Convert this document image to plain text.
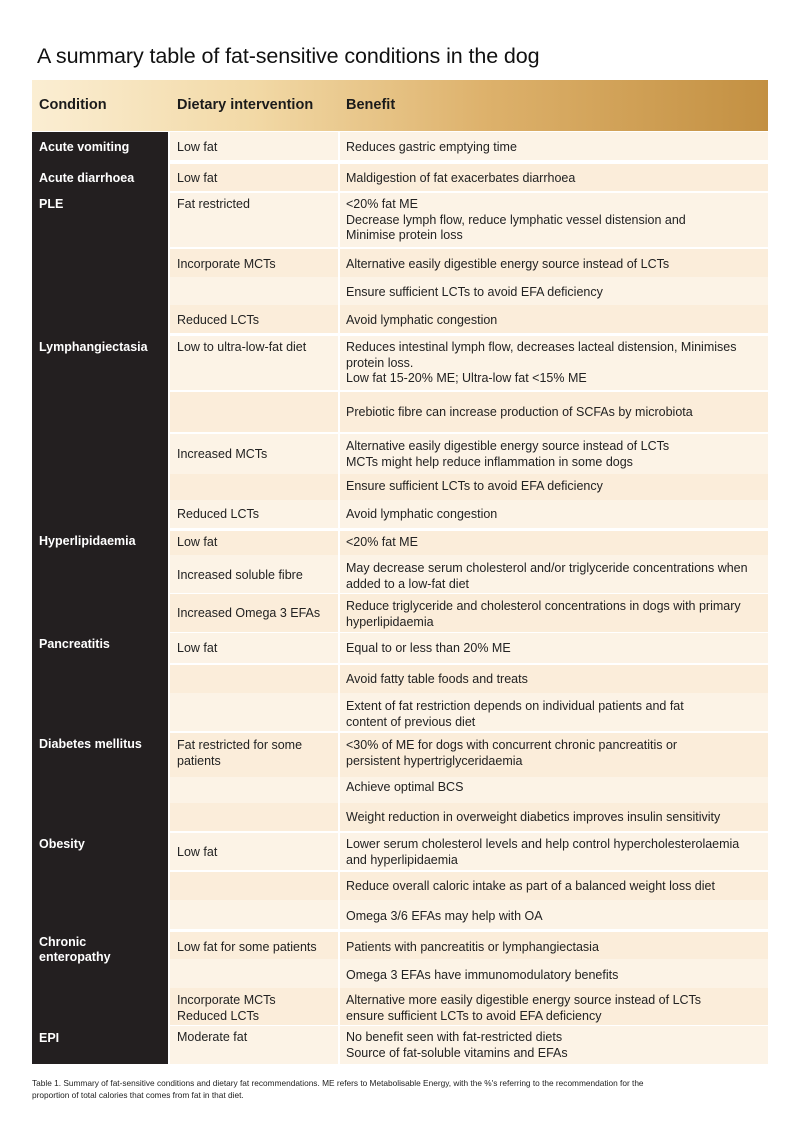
A summary table of fat-sensitive conditions in the dog
Condition	Dietary intervention Benefit
Acute vomiting
Acute diarrhoea
PLE
Lymphangiectasia
Hyperlipidaemia
Pancreatitis
Diabetes mellitus
Obesity
Chronic
enteropathy
EPI
Low fat
Low fat
Fat restricted
Incorporate MCTs
Reduced LCTs
Low to ultra-low-fat diet
Increased MCTs
Reduced LCTs
Low fat
Increased soluble fibre
Increased Omega 3 EFAs
Low fat
Fat restricted for some
patients
Low fat
Low fat for some patients
Incorporate MCTs
Reduced LCTs
Moderate fat
Reduces gastric emptying time
Maldigestion of fat exacerbates diarrhoea
<20% fat ME
Decrease lymph flow, reduce lymphatic vessel distension and
Minimise protein loss
Alternative easily digestible energy source instead of LCTs
Ensure sufficient LCTs to avoid EFA deficiency
Avoid lymphatic congestion
Reduces intestinal lymph flow, decreases lacteal distension, Minimises
protein loss.
Low fat 15-20% ME; Ultra-low fat <15% ME
Prebiotic fibre can increase production of SCFAs by microbiota
Alternative easily digestible energy source instead of LCTs
MCTs might help reduce inflammation in some dogs
Ensure sufficient LCTs to avoid EFA deficiency
Avoid lymphatic congestion
<20% fat ME
May decrease serum cholesterol and/or triglyceride concentrations when
added to a low-fat diet
Reduce triglyceride and cholesterol concentrations in dogs with primary
hyperlipidaemia
Equal to or less than 20% ME
Avoid fatty table foods and treats
Extent of fat restriction depends on individual patients and fat
content of previous diet
<30% of ME for dogs with concurrent chronic pancreatitis or
persistent hypertriglyceridaemia
Achieve optimal BCS
Weight reduction in overweight diabetics improves insulin sensitivity
Lower serum cholesterol levels and help control hypercholesterolaemia
and hyperlipidaemia
Reduce overall caloric intake as part of a balanced weight loss diet
Omega 3/6 EFAs may help with OA
Patients with pancreatitis or lymphangiectasia
Omega 3 EFAs have immunomodulatory benefits
Alternative more easily digestible energy source instead of LCTs
ensure sufficient LCTs to avoid EFA deficiency
No benefit seen with fat-restricted diets
Source of fat-soluble vitamins and EFAs
Table 1. Summary of fat-sensitive conditions and dietary fat recommendations. ME refers to Metabolisable Energy, with the %'s referring to the recommendation for the
proportion of total calories that comes from fat in that diet.
